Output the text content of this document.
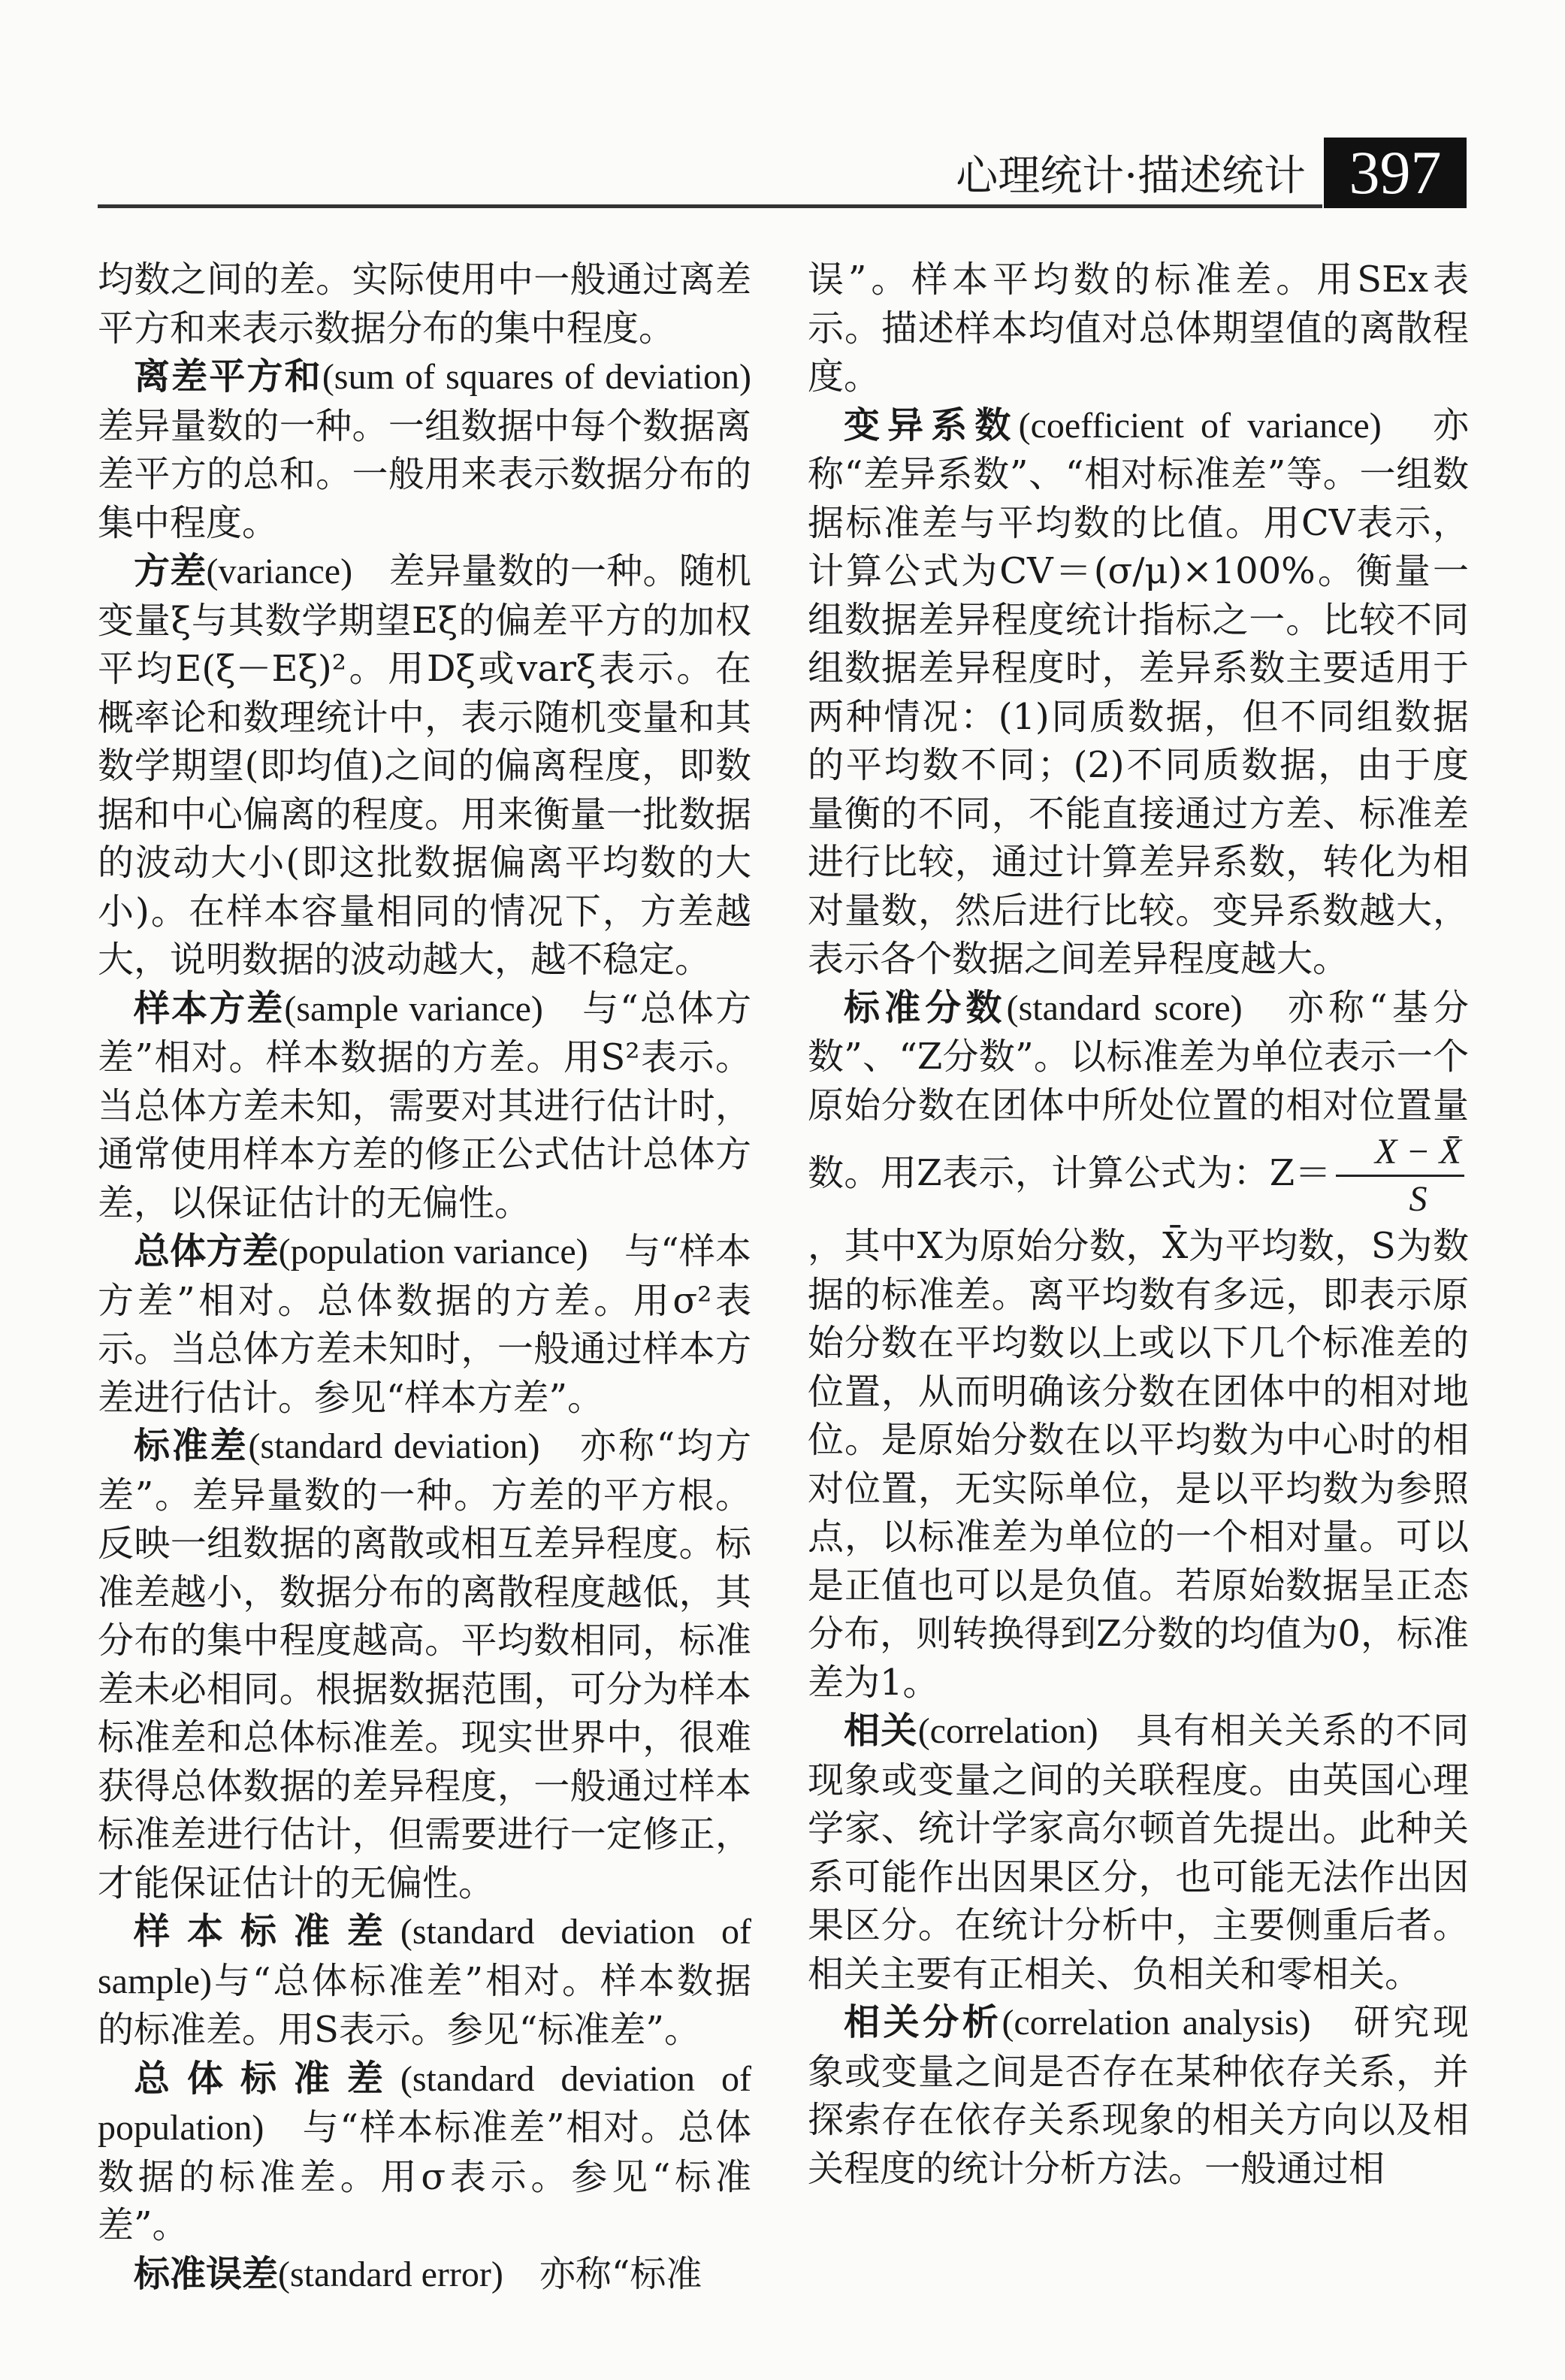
心理统计·描述统计 397

均数之间的差。实际使用中一般通过离差平方和来表示数据分布的集中程度。

离差平方和(sum of squares of deviation)差异量数的一种。一组数据中每个数据离差平方的总和。一般用来表示数据分布的集中程度。

方差(variance)　差异量数的一种。随机变量ξ与其数学期望Eξ的偏差平方的加权平均E(ξ－Eξ)²。用Dξ或varξ表示。在概率论和数理统计中，表示随机变量和其数学期望(即均值)之间的偏离程度，即数据和中心偏离的程度。用来衡量一批数据的波动大小(即这批数据偏离平均数的大小)。在样本容量相同的情况下，方差越大，说明数据的波动越大，越不稳定。

样本方差(sample variance)　与“总体方差”相对。样本数据的方差。用S²表示。当总体方差未知，需要对其进行估计时，通常使用样本方差的修正公式估计总体方差，以保证估计的无偏性。

总体方差(population variance)　与“样本方差”相对。总体数据的方差。用σ²表示。当总体方差未知时，一般通过样本方差进行估计。参见“样本方差”。

标准差(standard deviation)　亦称“均方差”。差异量数的一种。方差的平方根。反映一组数据的离散或相互差异程度。标准差越小，数据分布的离散程度越低，其分布的集中程度越高。平均数相同，标准差未必相同。根据数据范围，可分为样本标准差和总体标准差。现实世界中，很难获得总体数据的差异程度，一般通过样本标准差进行估计，但需要进行一定修正，才能保证估计的无偏性。

样本标准差(standard deviation of sample)与“总体标准差”相对。样本数据的标准差。用S表示。参见“标准差”。

总体标准差(standard deviation of population)　与“样本标准差”相对。总体数据的标准差。用σ表示。参见“标准差”。

标准误差(standard error)　亦称“标准

误”。样本平均数的标准差。用SEx表示。描述样本均值对总体期望值的离散程度。

变异系数(coefficient of variance)　亦称“差异系数”、“相对标准差”等。一组数据标准差与平均数的比值。用CV表示，计算公式为CV＝(σ/μ)×100%。衡量一组数据差异程度统计指标之一。比较不同组数据差异程度时，差异系数主要适用于两种情况：(1)同质数据，但不同组数据的平均数不同；(2)不同质数据，由于度量衡的不同，不能直接通过方差、标准差进行比较，通过计算差异系数，转化为相对量数，然后进行比较。变异系数越大，表示各个数据之间差异程度越大。

标准分数(standard score)　亦称“基分数”、“Z分数”。以标准差为单位表示一个原始分数在团体中所处位置的相对位置量数。用Z表示，计算公式为：$Z= \frac{X - X̄}{S}$
，其中X为原始分数，X̄为平均数，S为数据的标准差。离平均数有多远，即表示原始分数在平均数以上或以下几个标准差的位置，从而明确该分数在团体中的相对地位。是原始分数在以平均数为中心时的相对位置，无实际单位，是以平均数为参照点，以标准差为单位的一个相对量。可以是正值也可以是负值。若原始数据呈正态分布，则转换得到Z分数的均值为0，标准差为1。

相关(correlation)　具有相关关系的不同现象或变量之间的关联程度。由英国心理学家、统计学家高尔顿首先提出。此种关系可能作出因果区分，也可能无法作出因果区分。在统计分析中，主要侧重后者。相关主要有正相关、负相关和零相关。

相关分析(correlation analysis)　研究现象或变量之间是否存在某种依存关系，并探索存在依存关系现象的相关方向以及相关程度的统计分析方法。一般通过相
